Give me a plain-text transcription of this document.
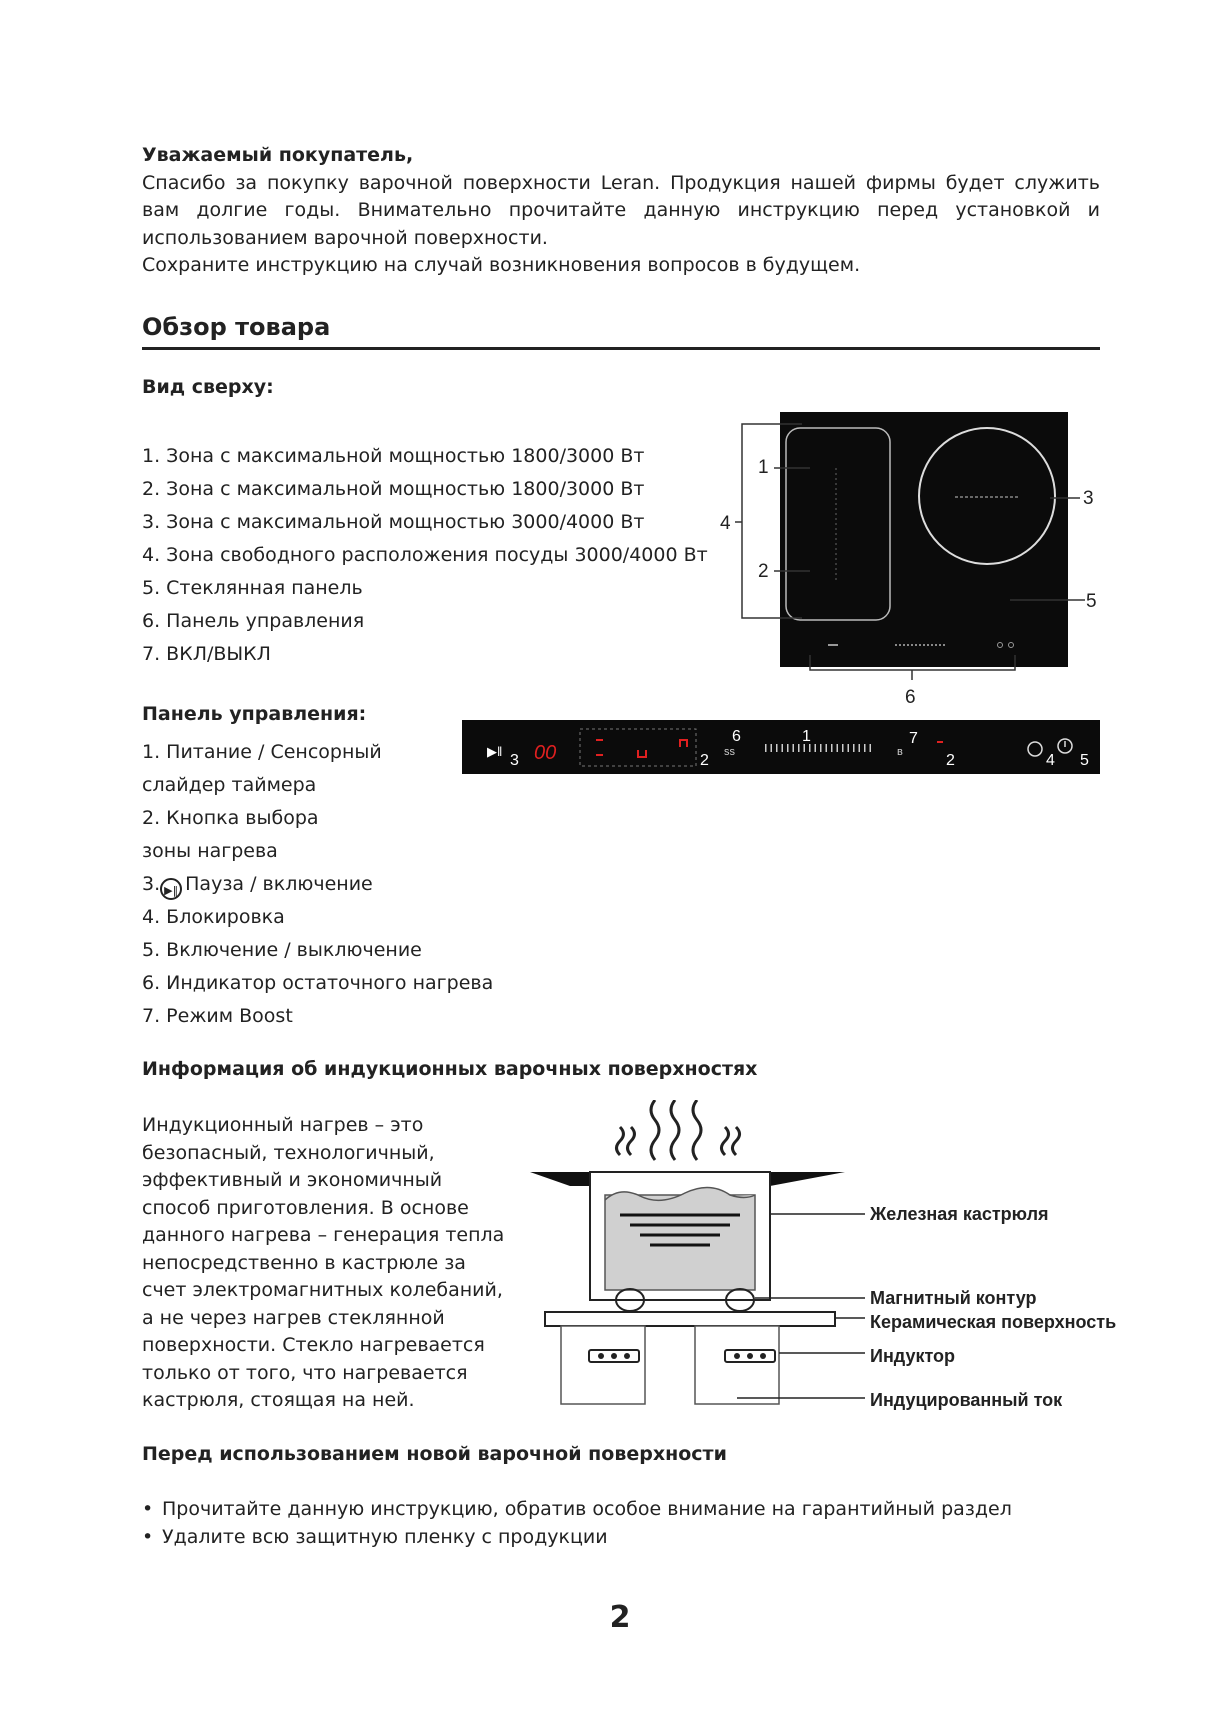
Уважаемый покупатель,

Спасибо за покупку варочной поверхности Leran. Продукция нашей фирмы будет служить вам долгие годы. Внимательно прочитайте данную инструкцию перед установкой и использованием варочной поверхности.

Сохраните инструкцию на случай возникновения вопросов в будущем.

Обзор товара
Вид сверху:
1. Зона с максимальной мощностью 1800/3000 Вт
2. Зона с максимальной мощностью 1800/3000 Вт
3. Зона с максимальной мощностью 3000/4000 Вт
4. Зона свободного расположения посуды 3000/4000 Вт
5. Стеклянная панель
6. Панель управления
7. ВКЛ/ВЫКЛ
1
2
3
4
5
6
Панель управления:
1. Питание / Сенсорный
слайдер таймера
2. Кнопка выбора
зоны нагрева
3. ▶‖ Пауза / включение
4. Блокировка
5. Включение / выключение
6. Индикатор остаточного нагрева
7. Режим Boost
▶‖
3 00	2 ss
6	1
ʙ
7
2	4 5
Информация об индукционных варочных поверхностях

Индукционный нагрев – это безопасный, технологичный, эффективный и экономичный способ приготовления. В основе данного нагрева – генерация тепла непосредственно в кастрюле за счет электромагнитных колебаний, а не через нагрев стеклянной поверхности. Стекло нагревается только от того, что нагревается кастрюля, стоящая на ней.

Железная кастрюля
Магнитный контур
Керамическая поверхность
Индуктор
Индуцированный ток
Перед использованием новой варочной поверхности
• Прочитайте данную инструкцию, обратив особое внимание на гарантийный раздел
• Удалите всю защитную пленку с продукции
2
